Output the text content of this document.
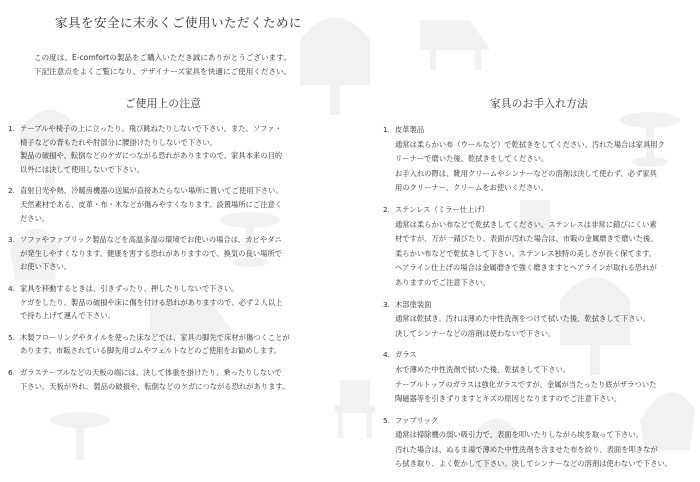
家具を安全に末永くご使用いただくために

この度は、E-comfortの製品をご購入いただき誠にありがとうございます。

下記注意点をよくご覧になり、デザイナーズ家具を快適にご使用ください。

ご使用上の注意
1. テーブルや椅子の上に立ったり、飛び跳ねたりしないで下さい。また、ソファ・
椅子などの背もたれや肘部分に腰掛けたりしないで下さい。
製品の破損や、転倒などのケガにつながる恐れがありますので、家具本来の目的
以外には決して使用しないで下さい。
2. 直射日光や熱、冷暖房機器の送風が直接あたらない場所に置いてご使用下さい。
天然素材である、皮革・布・木などが傷みやすくなります。設置場所にご注意く
ださい。
3. ソファやファブリック製品などを高温多湿の環境でお使いの場合は、カビやダニ
が発生しやすくなります。健康を害する恐れがありますので、換気の良い場所で
お使い下さい。
4. 家具を移動するときは、引きずったり、押したりしないで下さい。
ケガをしたり、製品の破損や床に傷を付ける恐れがありますので、必ず２人以上
で持ち上げて運んで下さい。
5. 木製フローリングやタイルを使った床などでは、家具の脚先で床材が傷つくことが
あります。市販されている脚先用ゴムやフェルトなどのご使用をお勧めします。
6. ガラステーブルなどの天板の端には、決して体重を掛けたり、乗ったりしないで
下さい。天板が外れ、製品の破損や、転倒などのケガにつながる恐れがあります。
家具のお手入れ方法
1. 皮革製品
通常は柔らかい布（ウールなど）で乾拭きをしてください。汚れた場合は家具用ク
リーナーで磨いた後、乾拭きをしてください。
お手入れの際は、靴用クリームやシンナーなどの溶剤は決して使わず、必ず家具
用のクリーナー、クリームをお使いください。
2. ステンレス（ミラー仕上げ）
通常は柔らかい布などで乾拭きしてください。ステンレスは非常に錆びにくい素
材ですが、万が一錆びたり、表面が汚れた場合は、市販の金属磨きで磨いた後、
柔らかい布などで乾拭きして下さい。ステンレス独特の美しさが長く保てます。
ヘアライン仕上げの場合は金属磨きで強く磨きますとヘアラインが取れる恐れが
ありますのでご注意下さい。
3. 木部塗装面
通常は乾拭き。汚れは薄めた中性洗剤をつけて拭いた後、乾拭きして下さい。
決してシンナーなどの溶剤は使わないで下さい。
4. ガラス
水で薄めた中性洗剤で拭いた後、乾拭きして下さい。
テーブルトップのガラスは強化ガラスですが、金属が当たったり底がザラついた
陶磁器等を引きずりますとキズの原因となりますのでご注意下さい。
5. ファブリック
通常は掃除機の弱い吸引力で、表面を叩いたりしながら埃を取って下さい。
汚れた場合は、ぬるま湯で薄めた中性洗剤を含ませた布を絞り、表面を叩きなが
ら拭き取り、よく乾かして下さい。決してシンナーなどの溶剤は使わないで下さい。
